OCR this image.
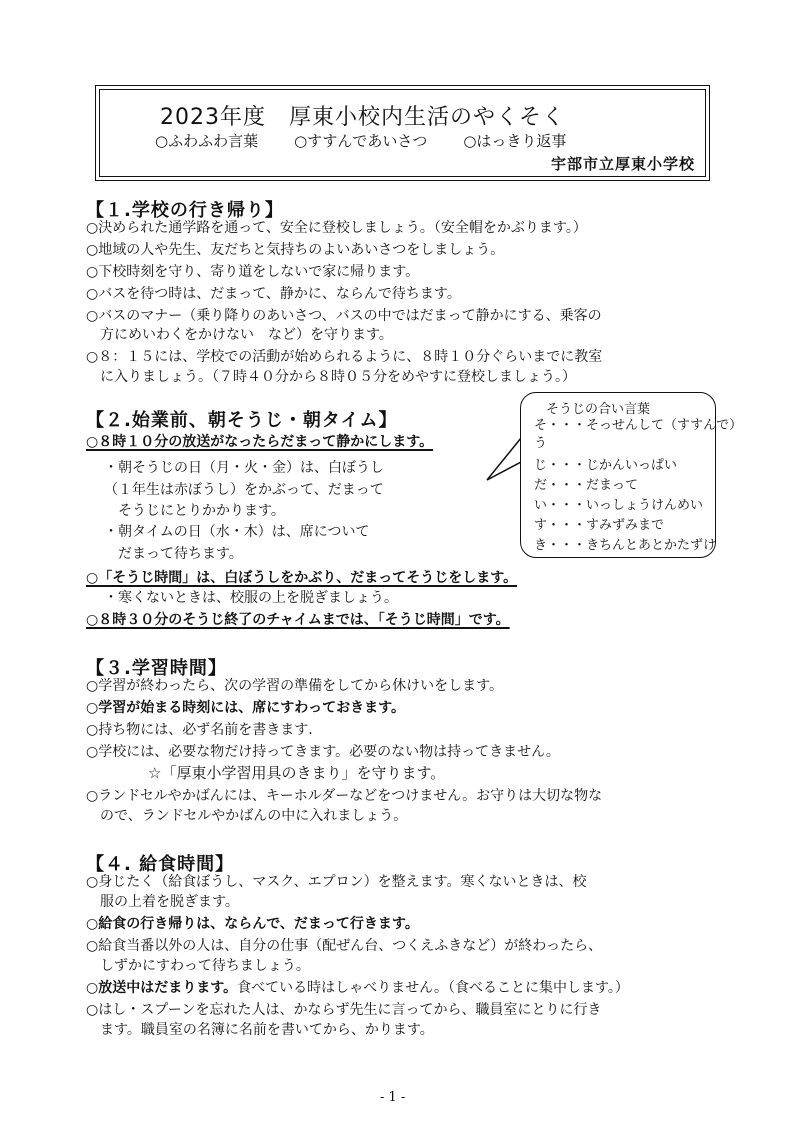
2023年度　厚東小校内生活のやくそく
○ふわふわ言葉 ○すすんであいさつ ○はっきり返事
宇部市立厚東小学校
【１.学校の行き帰り】
○決められた通学路を通って、安全に登校しましょう。（安全帽をかぶります。）
○地域の人や先生、友だちと気持ちのよいあいさつをしましょう。
○下校時刻を守り、寄り道をしないで家に帰ります。
○バスを待つ時は、だまって、静かに、ならんで待ちます。
○バスのマナー（乗り降りのあいさつ、バスの中ではだまって静かにする、乗客の
方にめいわくをかけない　など）を守ります。
○８：１５には、学校での活動が始められるように、８時１０分ぐらいまでに教室
に入りましょう。（７時４０分から８時０５分をめやすに登校しましょう。）
【２.始業前、朝そうじ・朝タイム】
○８時１０分の放送がなったらだまって静かにします。
・朝そうじの日（月・火・金）は、白ぼうし
（１年生は赤ぼうし）をかぶって、だまって
そうじにとりかかります。
・朝タイムの日（水・木）は、席について
だまって待ちます。
○「そうじ時間」は、白ぼうしをかぶり、だまってそうじをします。
・寒くないときは、校服の上を脱ぎましょう。
○８時３０分のそうじ終了のチャイムまでは、「そうじ時間」です。
そうじの合い言葉
そ・・・そっせんして（すすんで）
う
じ・・・じかんいっぱい
だ・・・だまって
い・・・いっしょうけんめい
す・・・すみずみまで
き・・・きちんとあとかたずけ
【３.学習時間】
○学習が終わったら、次の学習の準備をしてから休けいをします。
○学習が始まる時刻には、席にすわっておきます。
○持ち物には、必ず名前を書きます.
○学校には、必要な物だけ持ってきます。必要のない物は持ってきません。
☆「厚東小学習用具のきまり」を守ります。
○ランドセルやかばんには、キーホルダーなどをつけません。お守りは大切な物な
ので、ランドセルやかばんの中に入れましょう。
【４. 給食時間】
○身じたく（給食ぼうし、マスク、エプロン）を整えます。寒くないときは、校
服の上着を脱ぎます。
○給食の行き帰りは、ならんで、だまって行きます。
○給食当番以外の人は、自分の仕事（配ぜん台、つくえふきなど）が終わったら、
しずかにすわって待ちましょう。
○放送中はだまります。食べている時はしゃべりません。（食べることに集中します。）
○はし・スプーンを忘れた人は、かならず先生に言ってから、職員室にとりに行き
ます。職員室の名簿に名前を書いてから、かります。
- 1 -
